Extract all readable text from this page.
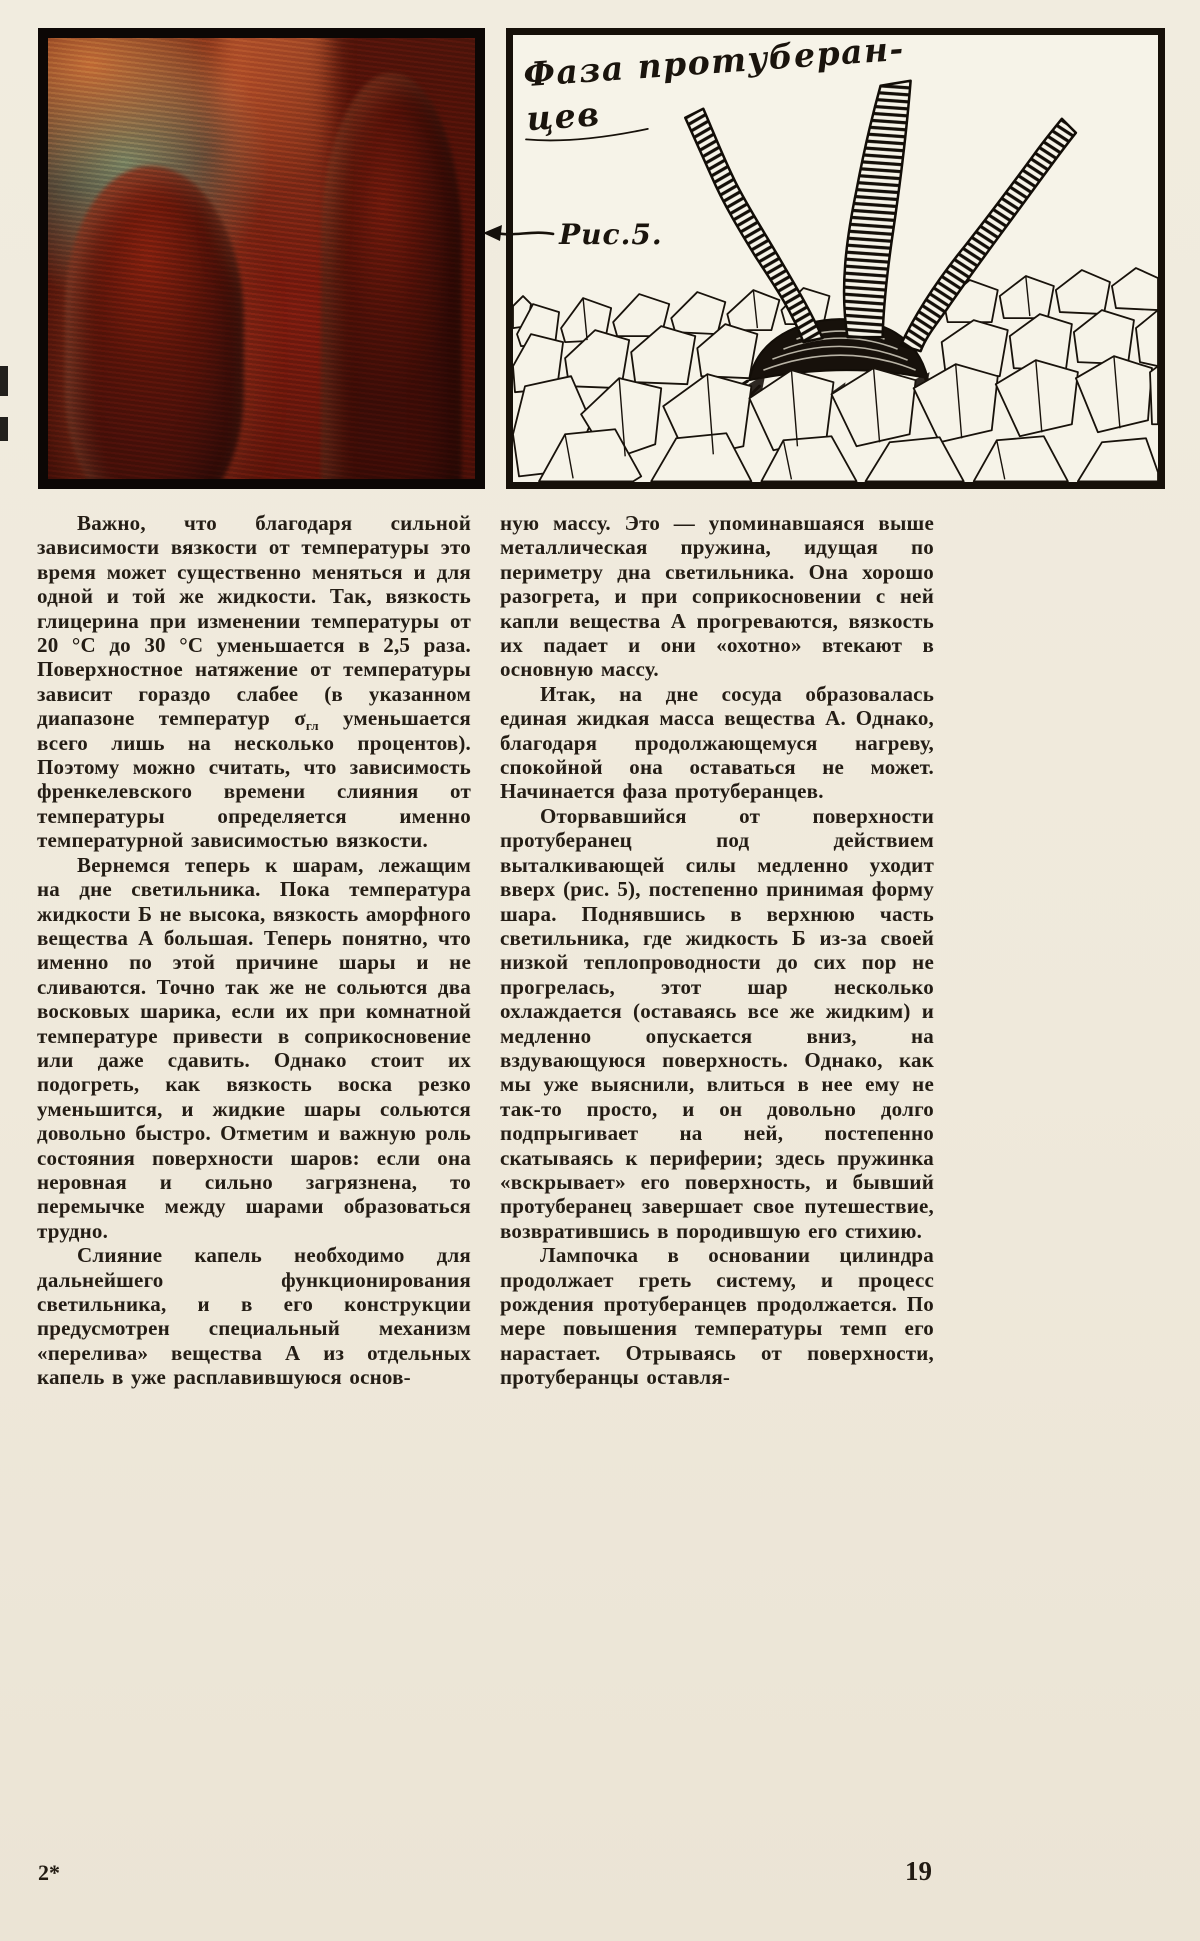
Фаза протуберан-
цев
Рис.5.

Важно, что благодаря сильной зависимости вязкости от температуры это время может существенно меняться и для одной и той же жидкости. Так, вязкость глицерина при изменении температуры от 20 °С до 30 °С уменьшается в 2,5 раза. Поверхностное натяжение от температуры зависит гораздо слабее (в указанном диапазоне температур $\sigma_{гл}$ уменьшается всего лишь на несколько процентов). Поэтому можно считать, что зависимость френкелевского времени слияния от температуры определяется именно температурной зависимостью вязкости.

Вернемся теперь к шарам, лежащим на дне светильника. Пока температура жидкости Б не высока, вязкость аморфного вещества А большая. Теперь понятно, что именно по этой причине шары и не сливаются. Точно так же не сольются два восковых шарика, если их при комнатной температуре привести в соприкосновение или даже сдавить. Однако стоит их подогреть, как вязкость воска резко уменьшится, и жидкие шары сольются довольно быстро. Отметим и важную роль состояния поверхности шаров: если она неровная и сильно загрязнена, то перемычке между шарами образоваться трудно.

Слияние капель необходимо для дальнейшего функционирования светильника, и в его конструкции предусмотрен специальный механизм «перелива» вещества А из отдельных капель в уже расплавившуюся основ-

ную массу. Это — упоминавшаяся выше металлическая пружина, идущая по периметру дна светильника. Она хорошо разогрета, и при соприкосновении с ней капли вещества А прогреваются, вязкость их падает и они «охотно» втекают в основную массу.

Итак, на дне сосуда образовалась единая жидкая масса вещества А. Однако, благодаря продолжающемуся нагреву, спокойной она оставаться не может. Начинается фаза протуберанцев.

Оторвавшийся от поверхности протуберанец под действием выталкивающей силы медленно уходит вверх (рис. 5), постепенно принимая форму шара. Поднявшись в верхнюю часть светильника, где жидкость Б из-за своей низкой теплопроводности до сих пор не прогрелась, этот шар несколько охлаждается (оставаясь все же жидким) и медленно опускается вниз, на вздувающуюся поверхность. Однако, как мы уже выяснили, влиться в нее ему не так-то просто, и он довольно долго подпрыгивает на ней, постепенно скатываясь к периферии; здесь пружинка «вскрывает» его поверхность, и бывший протуберанец завершает свое путешествие, возвратившись в породившую его стихию.

Лампочка в основании цилиндра продолжает греть систему, и процесс рождения протуберанцев продолжается. По мере повышения температуры темп его нарастает. Отрываясь от поверхности, протуберанцы оставля-

2*	19
